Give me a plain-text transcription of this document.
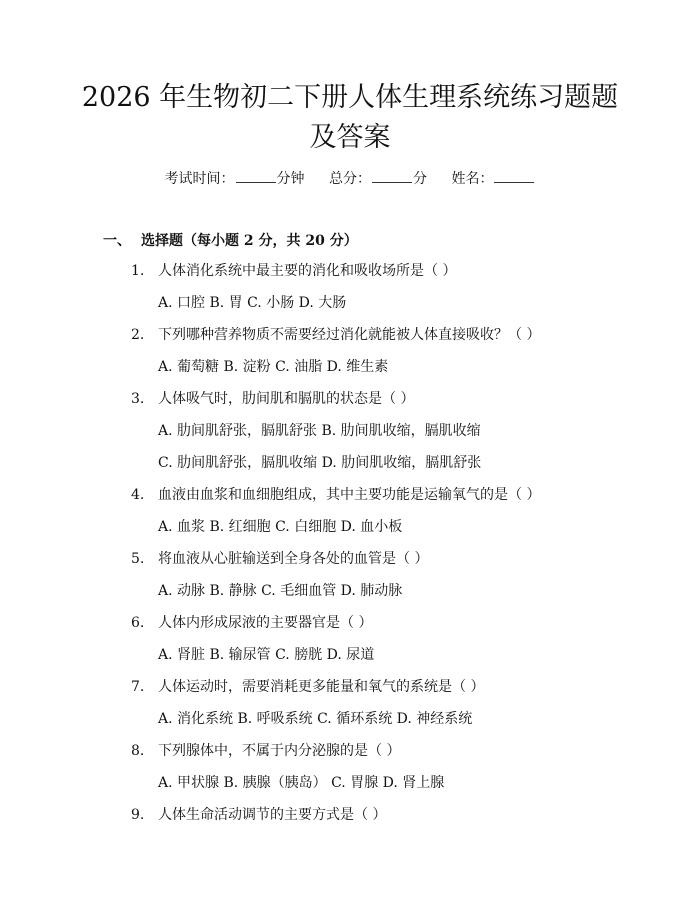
2026 年生物初二下册人体生理系统练习题题
及答案
考试时间：	分钟 总分：	分 姓名：
一、 选择题（每小题 2 分，共 20 分）
1. 人体消化系统中最主要的消化和吸收场所是（ ）
A. 口腔 B. 胃 C. 小肠 D. 大肠
2. 下列哪种营养物质不需要经过消化就能被人体直接吸收？（ ）
A. 葡萄糖 B. 淀粉 C. 油脂 D. 维生素
3. 人体吸气时，肋间肌和膈肌的状态是（ ）
A. 肋间肌舒张，膈肌舒张 B. 肋间肌收缩，膈肌收缩
C. 肋间肌舒张，膈肌收缩 D. 肋间肌收缩，膈肌舒张
4. 血液由血浆和血细胞组成，其中主要功能是运输氧气的是（ ）
A. 血浆 B. 红细胞 C. 白细胞 D. 血小板
5. 将血液从心脏输送到全身各处的血管是（ ）
A. 动脉 B. 静脉 C. 毛细血管 D. 肺动脉
6. 人体内形成尿液的主要器官是（ ）
A. 肾脏 B. 输尿管 C. 膀胱 D. 尿道
7. 人体运动时，需要消耗更多能量和氧气的系统是（ ）
A. 消化系统 B. 呼吸系统 C. 循环系统 D. 神经系统
8. 下列腺体中，不属于内分泌腺的是（ ）
A. 甲状腺 B. 胰腺（胰岛） C. 胃腺 D. 肾上腺
9. 人体生命活动调节的主要方式是（ ）
